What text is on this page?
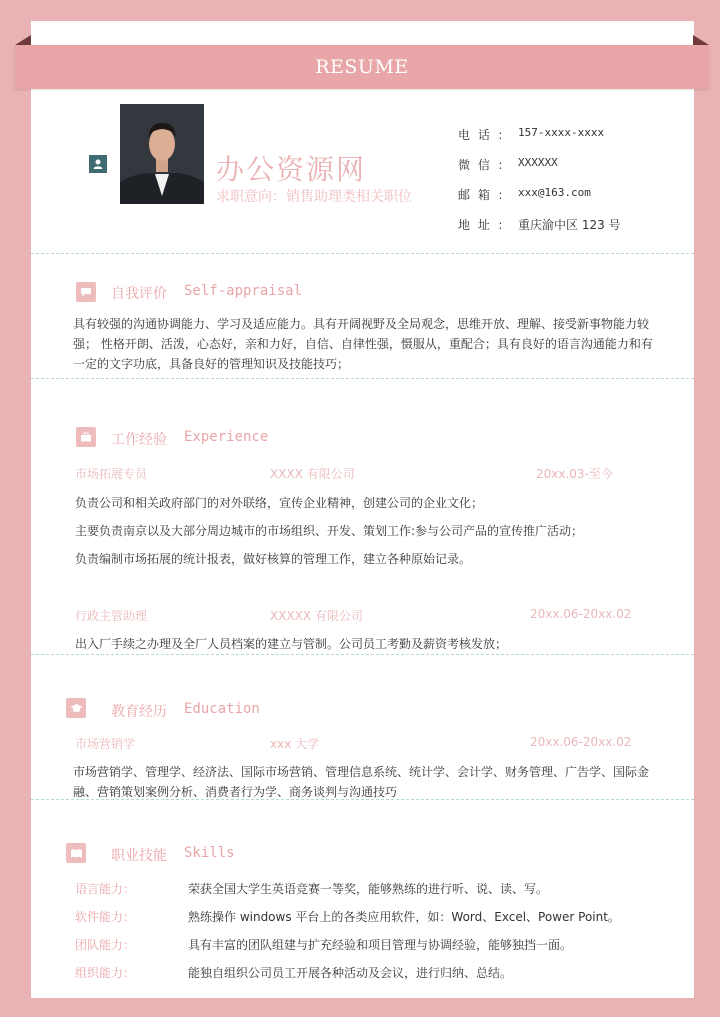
RESUME
办公资源网
求职意向：销售助理类相关职位
电 话 ： 157-xxxx-xxxx
微 信 ： XXXXXX
邮 箱 ： xxx@163.com
地 址 ： 重庆渝中区 123 号
自我评价 Self-appraisal
具有较强的沟通协调能力、学习及适应能力。具有开阔视野及全局观念，思维开放、理解、接受新事物能力较强； 性格开朗、活泼，心态好，亲和力好，自信、自律性强，慑服从，重配合；具有良好的语言沟通能力和有一定的文字功底，具备良好的管理知识及技能技巧；
工作经验 Experience
市场拓展专员	XXXX 有限公司	20xx.03-至今
负责公司和相关政府部门的对外联络，宣传企业精神，创建公司的企业文化；
主要负责南京以及大部分周边城市的市场组织、开发、策划工作:参与公司产品的宣传推广活动；
负责编制市场拓展的统计报表，做好核算的管理工作，建立各种原始记录。
行政主管助理	XXXXX 有限公司	20xx.06-20xx.02
出入厂手续之办理及全厂人员档案的建立与管制。公司员工考勤及薪资考核发放；
教育经历 Education
市场营销学	xxx 大学	20xx.06-20xx.02
市场营销学、管理学、经济法、国际市场营销、管理信息系统、统计学、会计学、财务管理、广告学、国际金融、营销策划案例分析、消费者行为学、商务谈判与沟通技巧
职业技能 Skills
语言能力：	荣获全国大学生英语竞赛一等奖，能够熟练的进行听、说、读、写。
软件能力：	熟练操作 windows 平台上的各类应用软件，如：Word、Excel、Power Point。
团队能力：	具有丰富的团队组建与扩充经验和项目管理与协调经验，能够独挡一面。
组织能力：	能独自组织公司员工开展各种活动及会议，进行归纳、总结。
